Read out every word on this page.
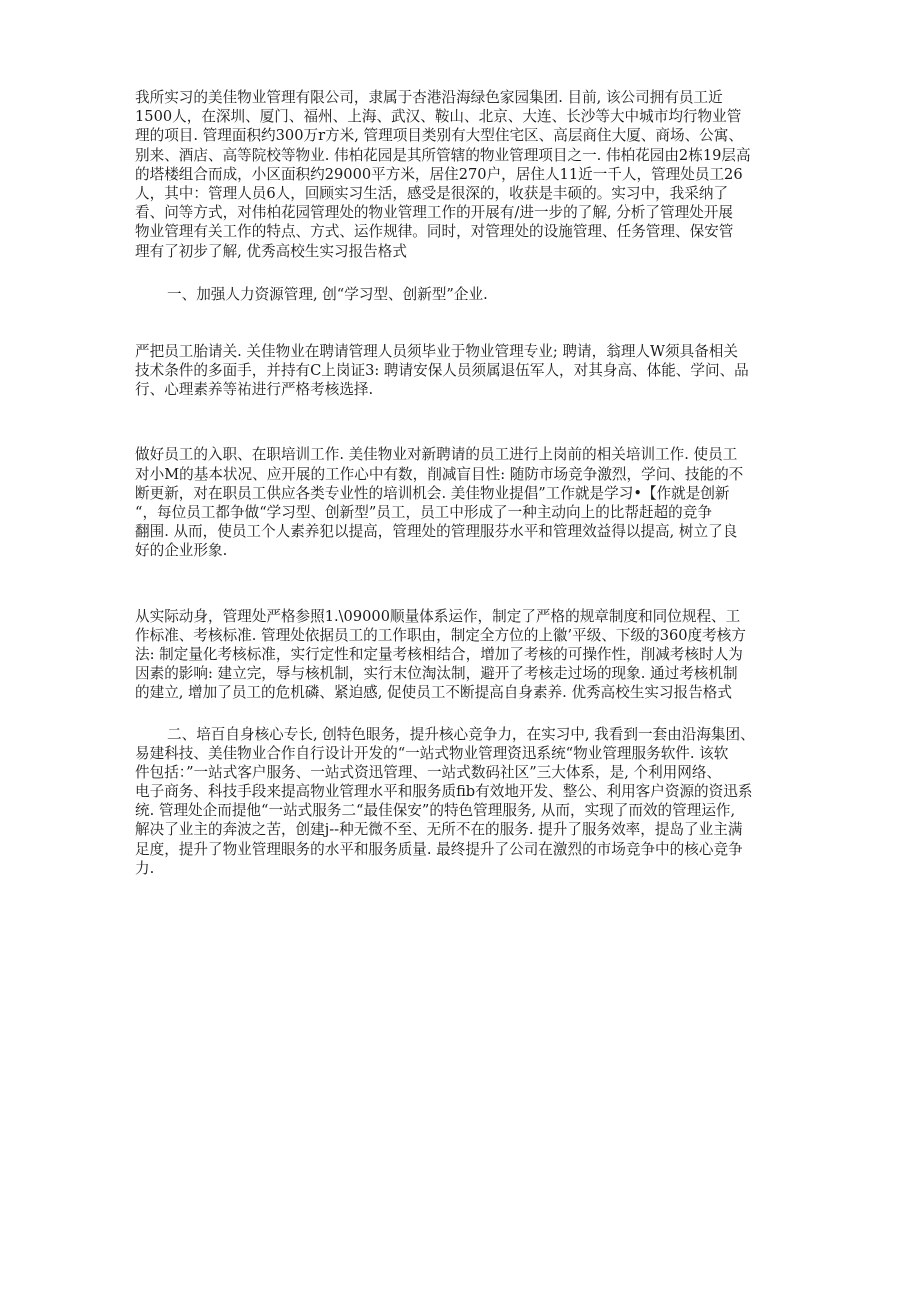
我所实习的美佳物业管理有限公司，隶属于杏港沿海绿色家园集团. 目前, 该公司拥有员工近
1500人，在深圳、厦门、福州、上海、武汉、鞍山、北京、大连、长沙等大中城市均行物业管
理的项目. 管理面积约300万r方米, 管理项目类别有大型住宅区、高层商住大厦、商场、公寓、
别来、酒店、高等院校等物业. 伟柏花园是其所管辖的物业管理项目之一. 伟柏花园由2栋19层高
的塔楼组合而成，小区面积约29000平方米，居住270户，居住人11近一千人，管理处员工26
人，其中：管理人员6人，回顾实习生活，感受是很深的，收获是丰硕的。实习中，我采纳了
看、问等方式，对伟柏花园管理处的物业管理工作的开展有/进一步的了解, 分析了管理处开展
物业管理有关工作的特点、方式、运作规律。同时，对管理处的设施管理、任务管理、保安管
理有了初步了解, 优秀高校生实习报告格式
一、加强人力资源管理, 创“学习型、创新型”企业.
严把员工胎请关. 关佳物业在聘请管理人员须毕业于物业管理专业; 聘请，翁理人W须具备相关
技术条件的多面手，并持有C上岗证3: 聘请安保人员须属退伍军人，对其身高、体能、学问、品
行、心理素养等祐进行严格考核选择.
做好员工的入职、在职培训工作. 美佳物业对新聘请的员工进行上岗前的相关培训工作. 使员工
对小M的基本状况、应开展的工作心中有数，削减盲目性: 随防市场竞争激烈，学问、技能的不
断更新，对在职员工供应各类专业性的培训机会. 美佳物业提倡”工作就是学习•【作就是创新
“，每位员工都争做“学习型、创新型”员工，员工中形成了一种主动向上的比帮赶超的竞争
翻围. 从而，使员工个人素养犯以提高，管理处的管理服芬水平和管理效益得以提高, 树立了良
好的企业形象.
从实际动身，管理处严格参照1.\09000顺量体系运作，制定了严格的规章制度和同位规程、工
作标准、考核标准. 管理处依据员工的工作职由，制定全方位的上徽’平级、下级的360度考核方
法: 制定量化考核标准，实行定性和定量考核相结合，增加了考核的可操作性，削减考核时人为
因素的影响: 建立完，辱与核机制，实行末位淘汰制，避开了考核走过场的现象. 通过考核机制
的建立, 增加了员工的危机磷、紧迫感, 促使员工不断提高自身素养. 优秀高校生实习报告格式
二、培百自身核心专长, 创特色眼务，提升核心竞争力，在实习中, 我看到一套由沿海集团、
易建科技、美佳物业合作自行设计开发的“一站式物业管理资迅系统“物业管理服务软件. 该软
件包括：”一站式客户服务、一站式资迅管理、一站式数码社区”三大体系，是, 个利用网络、
电子商务、科技手段来提高物业管理水平和服务质fib有效地开发、整公、利用客户资源的资迅系
统. 管理处企而提他“一站式服务二“最佳保安”的特色管理服务, 从而，实现了而效的管理运作,
解决了业主的奔波之苦，创建j--种无微不至、无所不在的服务. 提升了服务效率，提岛了业主满
足度，提升了物业管理眼务的水平和服务质量. 最终提升了公司在激烈的市场竞争中的核心竞争
力.
